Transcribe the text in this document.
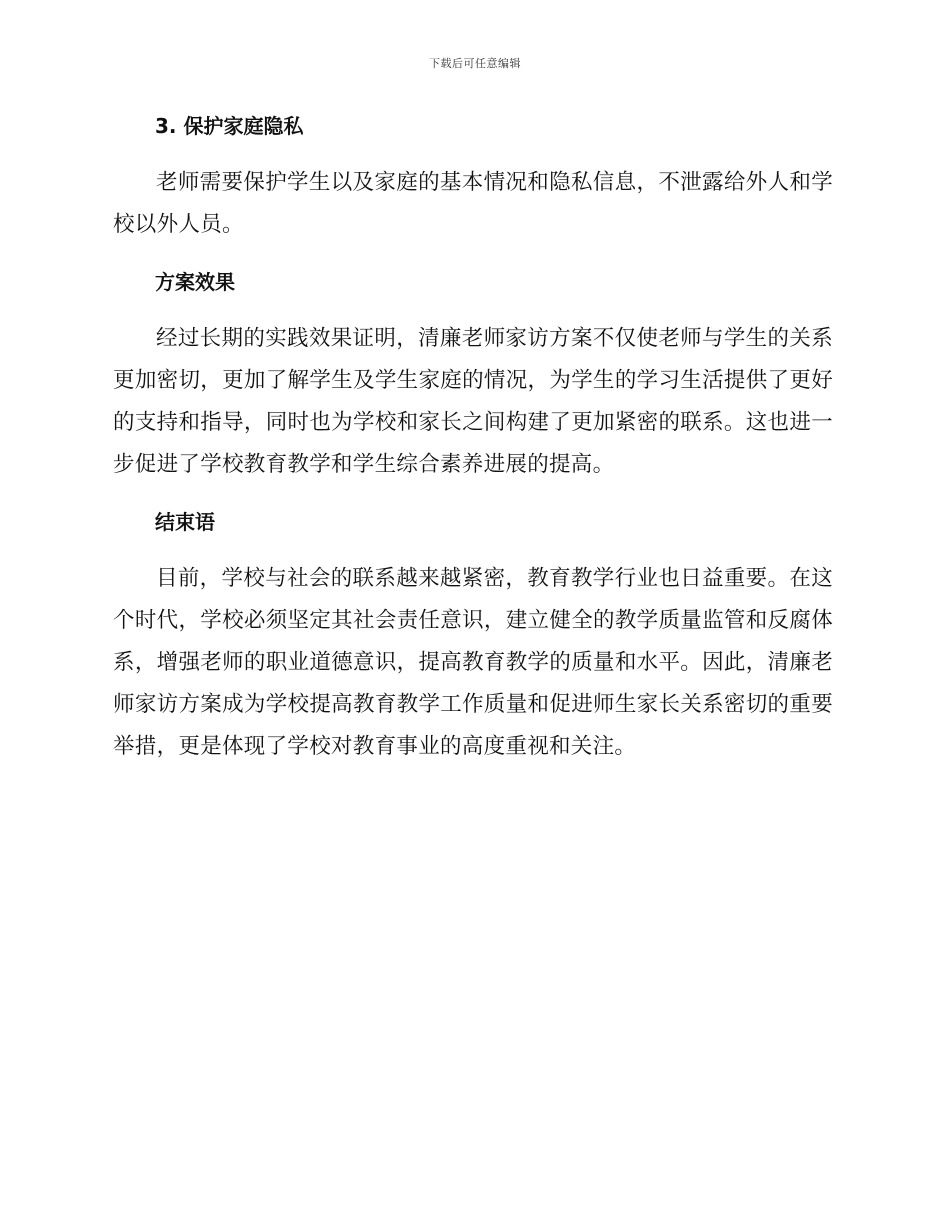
下载后可任意编辑
3. 保护家庭隐私

老师需要保护学生以及家庭的基本情况和隐私信息，不泄露给外人和学校以外人员。

方案效果

经过长期的实践效果证明，清廉老师家访方案不仅使老师与学生的关系更加密切，更加了解学生及学生家庭的情况，为学生的学习生活提供了更好的支持和指导，同时也为学校和家长之间构建了更加紧密的联系。这也进一步促进了学校教育教学和学生综合素养进展的提高。

结束语

目前，学校与社会的联系越来越紧密，教育教学行业也日益重要。在这个时代，学校必须坚定其社会责任意识，建立健全的教学质量监管和反腐体系，增强老师的职业道德意识，提高教育教学的质量和水平。因此，清廉老师家访方案成为学校提高教育教学工作质量和促进师生家长关系密切的重要举措，更是体现了学校对教育事业的高度重视和关注。
